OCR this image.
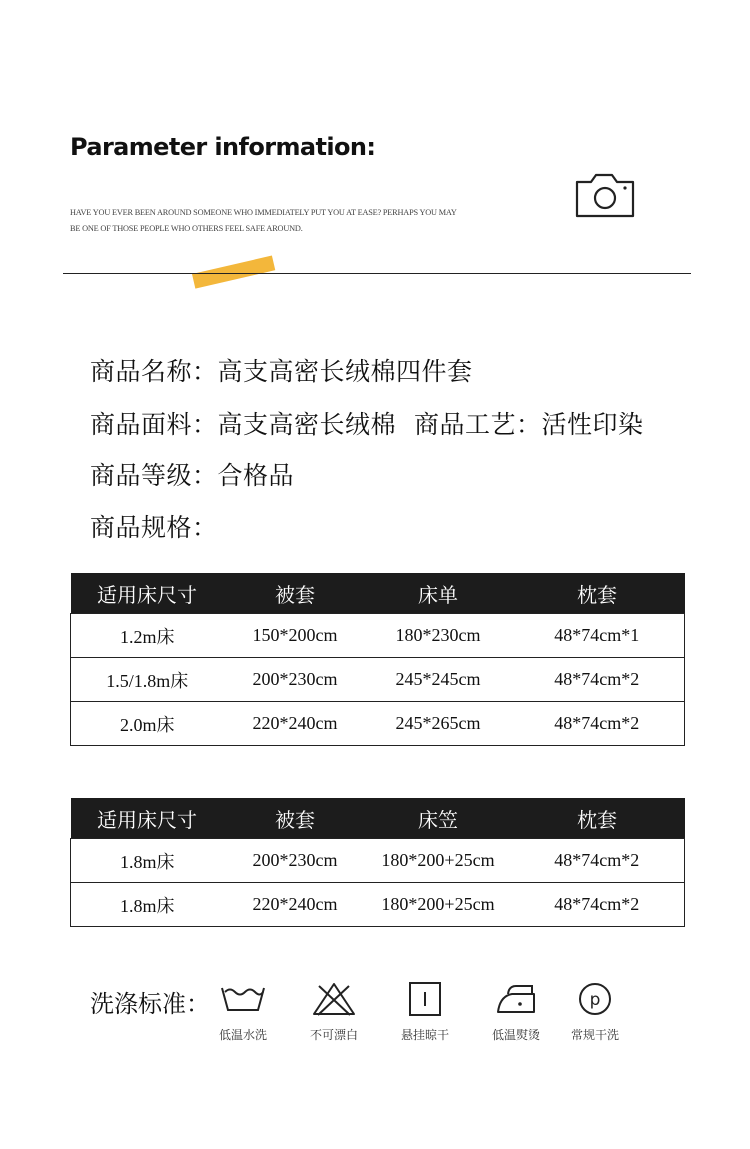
Parameter information:
HAVE YOU EVER BEEN AROUND SOMEONE WHO IMMEDIATELY PUT YOU AT EASE? PERHAPS YOU MAY
BE ONE OF THOSE PEOPLE WHO OTHERS FEEL SAFE AROUND.
商品名称：高支高密长绒棉四件套
商品面料：高支高密长绒棉 商品工艺：活性印染
商品等级：合格品
商品规格：
适用床尺寸	被套	床单	枕套
1.2m床	150*200cm	180*230cm	48*74cm*1
1.5/1.8m床	200*230cm	245*245cm	48*74cm*2
2.0m床	220*240cm	245*265cm	48*74cm*2
适用床尺寸	被套	床笠	枕套
1.8m床	200*230cm	180*200+25cm	48*74cm*2
1.8m床	220*240cm	180*200+25cm	48*74cm*2
洗涤标准：
低温水洗	不可漂白	悬挂晾干	低温熨烫
p
常规干洗
